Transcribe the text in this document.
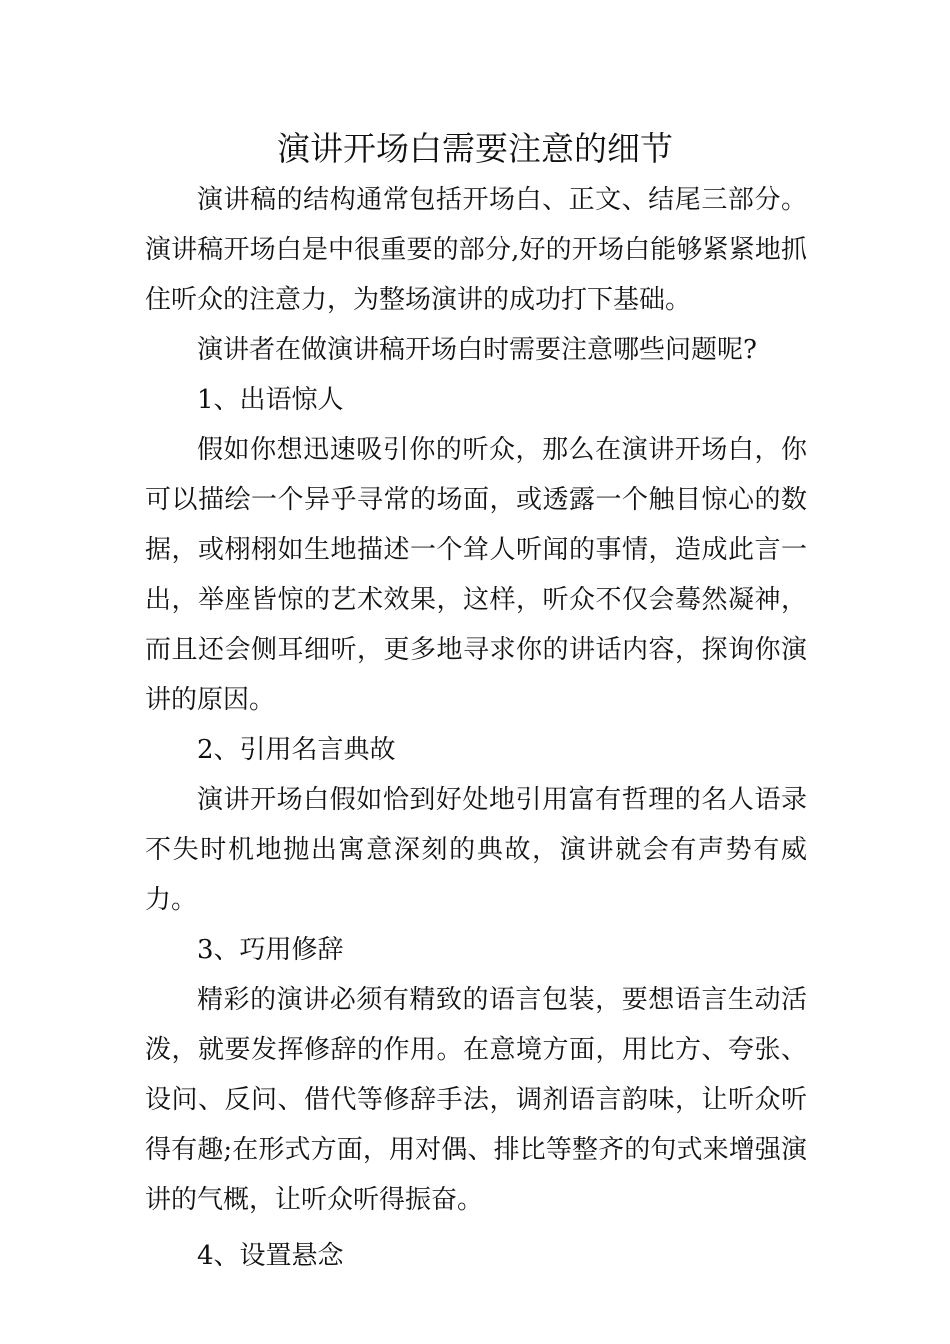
演讲开场白需要注意的细节

演讲稿的结构通常包括开场白、正文、结尾三部分。演讲稿开场白是中很重要的部分,好的开场白能够紧紧地抓住听众的注意力，为整场演讲的成功打下基础。

演讲者在做演讲稿开场白时需要注意哪些问题呢?

1、出语惊人

假如你想迅速吸引你的听众，那么在演讲开场白，你可以描绘一个异乎寻常的场面，或透露一个触目惊心的数据，或栩栩如生地描述一个耸人听闻的事情，造成此言一出，举座皆惊的艺术效果，这样，听众不仅会蓦然凝神，而且还会侧耳细听，更多地寻求你的讲话内容，探询你演讲的原因。

2、引用名言典故

演讲开场白假如恰到好处地引用富有哲理的名人语录不失时机地抛出寓意深刻的典故，演讲就会有声势有威力。

3、巧用修辞

精彩的演讲必须有精致的语言包装，要想语言生动活泼，就要发挥修辞的作用。在意境方面，用比方、夸张、设问、反问、借代等修辞手法，调剂语言韵味，让听众听得有趣;在形式方面，用对偶、排比等整齐的句式来增强演讲的气概，让听众听得振奋。

4、设置悬念
